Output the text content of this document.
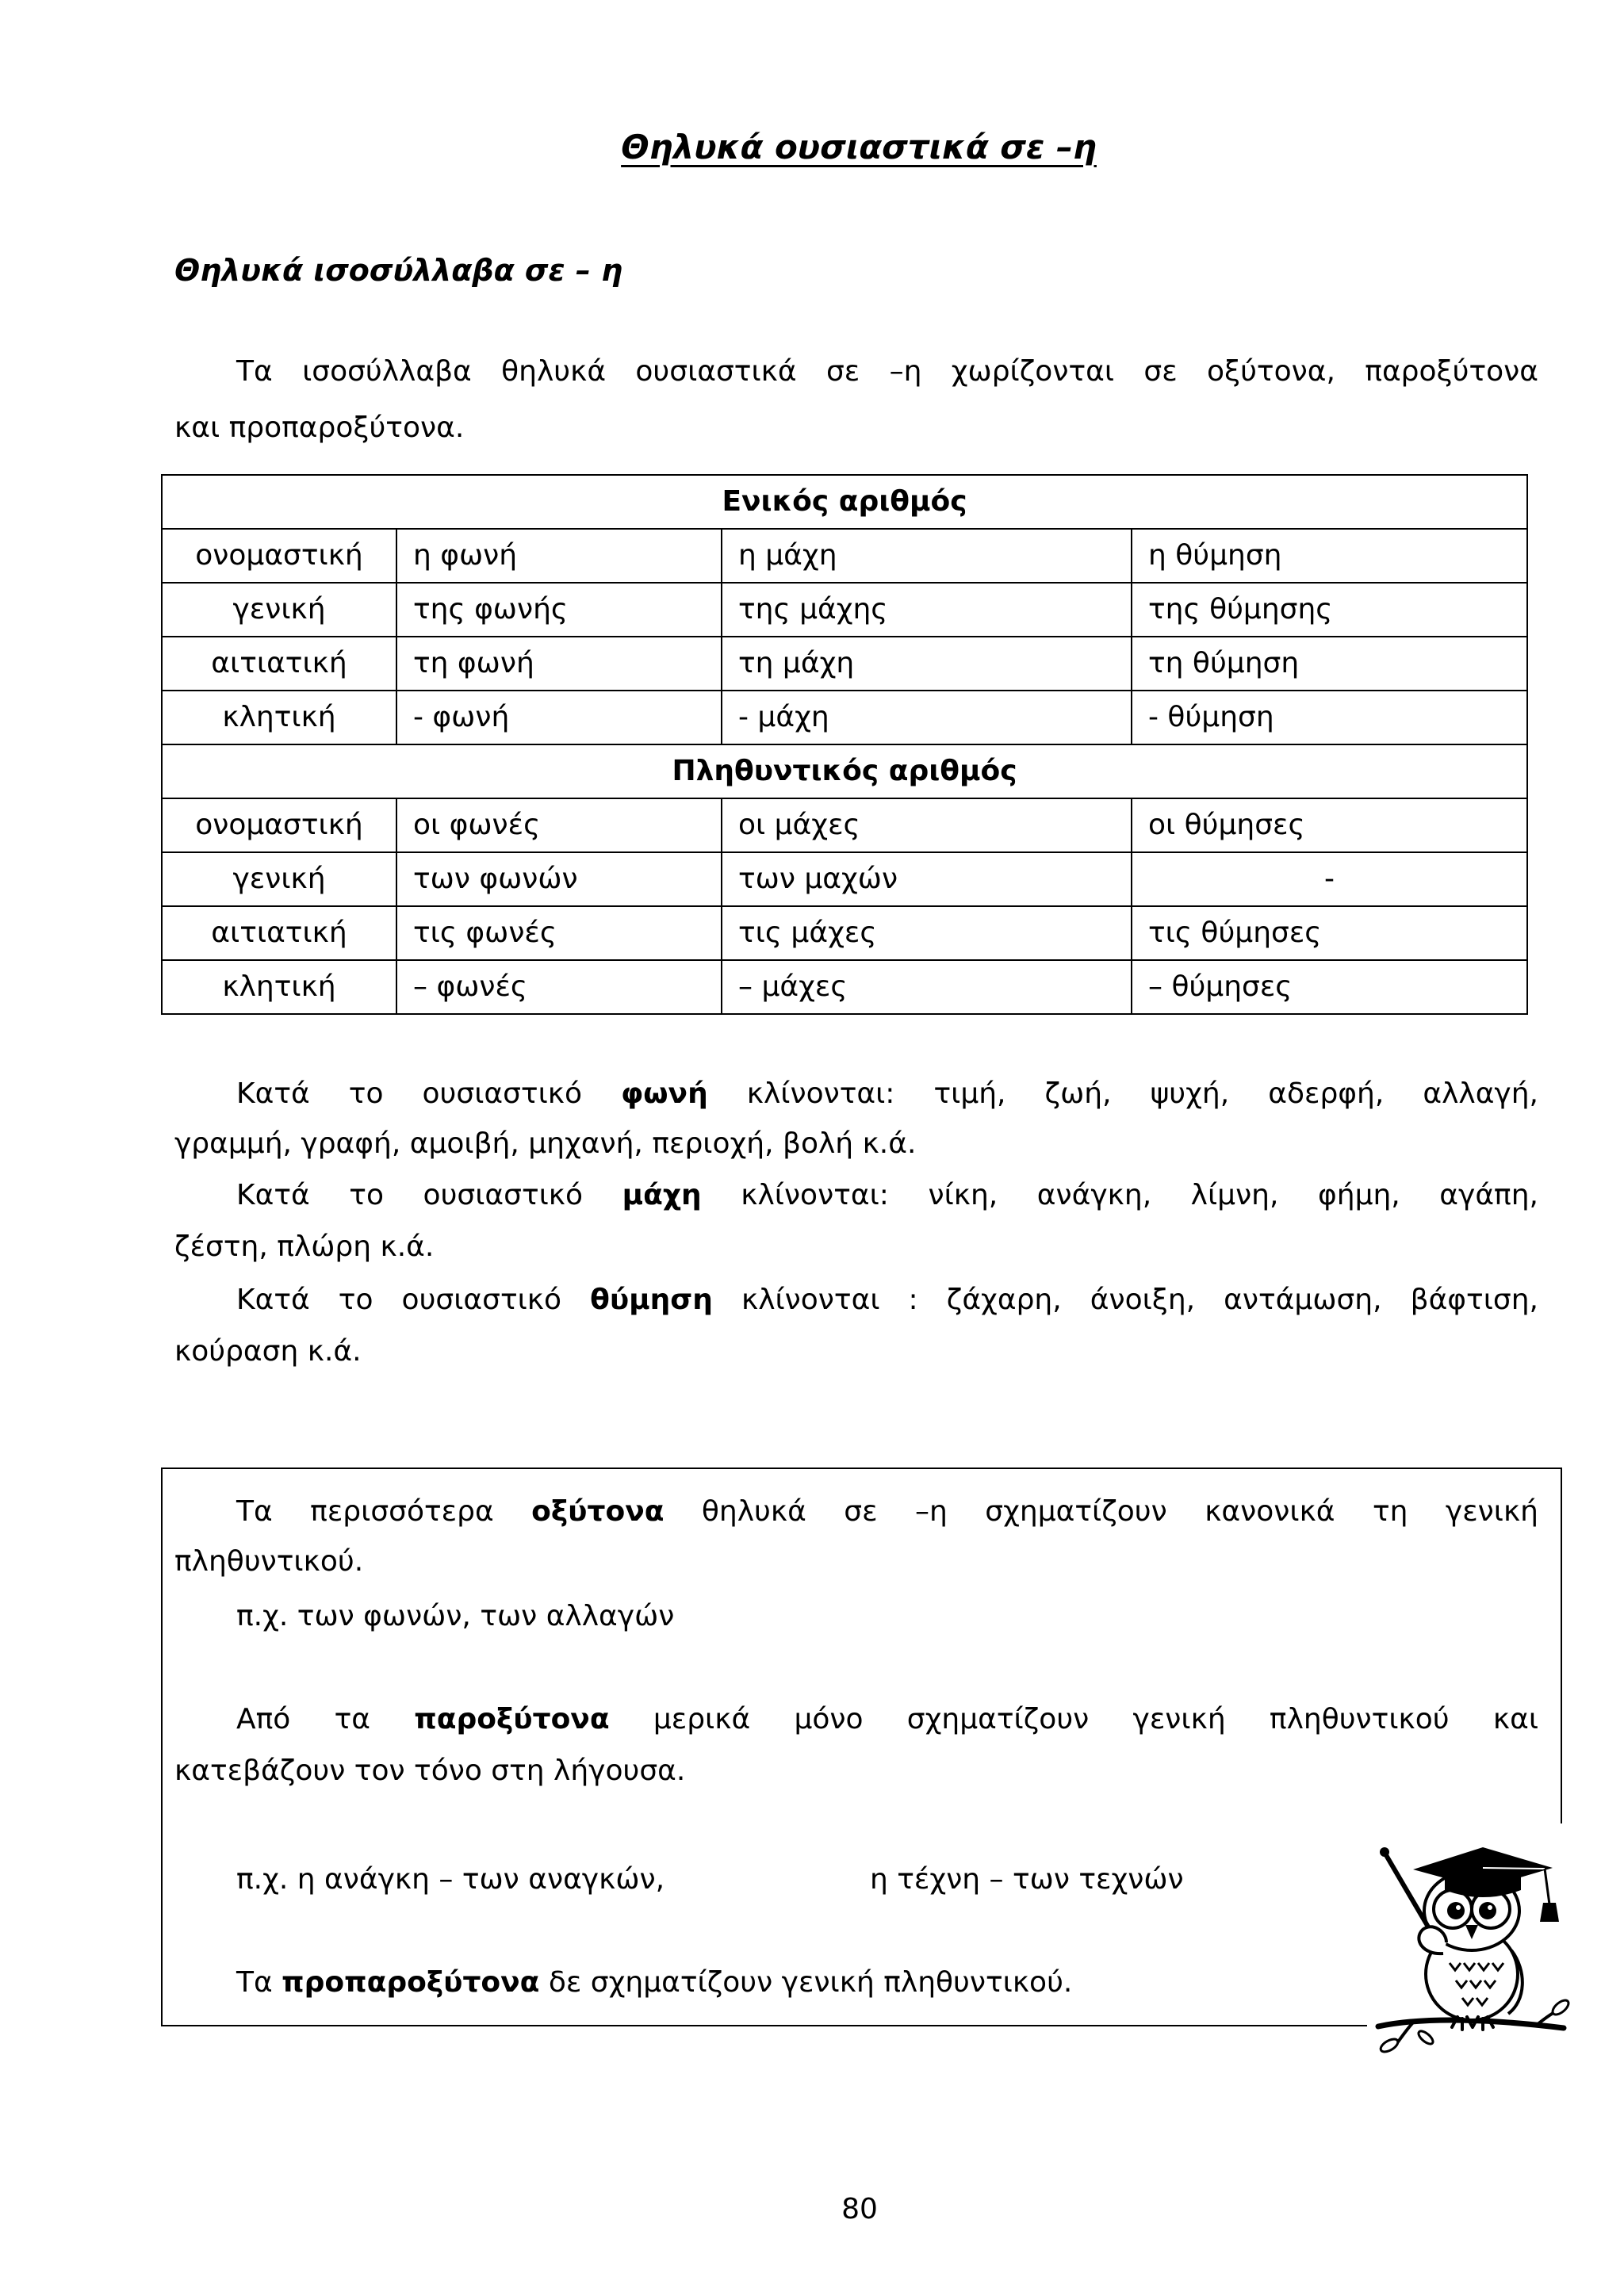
Θηλυκά ουσιαστικά σε –η
Θηλυκά ισοσύλλαβα σε – η
Τα ισοσύλλαβα θηλυκά ουσιαστικά σε –η χωρίζονται σε οξύτονα, παροξύτονα
και προπαροξύτονα.
Ενικός αριθμός			
ονομαστική	η φωνή	η μάχη	η θύμηση
γενική	της φωνής	της μάχης	της θύμησης
αιτιατική	τη φωνή	τη μάχη	τη θύμηση
κλητική	- φωνή	- μάχη	- θύμηση
Πληθυντικός αριθμός			
ονομαστική	οι φωνές	οι μάχες	οι θύμησες
γενική	των φωνών	των μαχών	-
αιτιατική	τις φωνές	τις μάχες	τις θύμησες
κλητική	– φωνές	– μάχες	– θύμησες
Κατά το ουσιαστικό φωνή κλίνονται: τιμή, ζωή, ψυχή, αδερφή, αλλαγή,
γραμμή, γραφή, αμοιβή, μηχανή, περιοχή, βολή κ.ά.
Κατά το ουσιαστικό μάχη κλίνονται: νίκη, ανάγκη, λίμνη, φήμη, αγάπη,
ζέστη, πλώρη κ.ά.
Κατά το ουσιαστικό θύμηση κλίνονται : ζάχαρη, άνοιξη, αντάμωση, βάφτιση,
κούραση κ.ά.
Τα περισσότερα οξύτονα θηλυκά σε –η σχηματίζουν κανονικά τη γενική
πληθυντικού.
π.χ. των φωνών, των αλλαγών
Από τα παροξύτονα μερικά μόνο σχηματίζουν γενική πληθυντικού και
κατεβάζουν τον τόνο στη λήγουσα.
π.χ. η ανάγκη – των αναγκών,	η τέχνη – των τεχνών
Τα προπαροξύτονα δε σχηματίζουν γενική πληθυντικού.
80
